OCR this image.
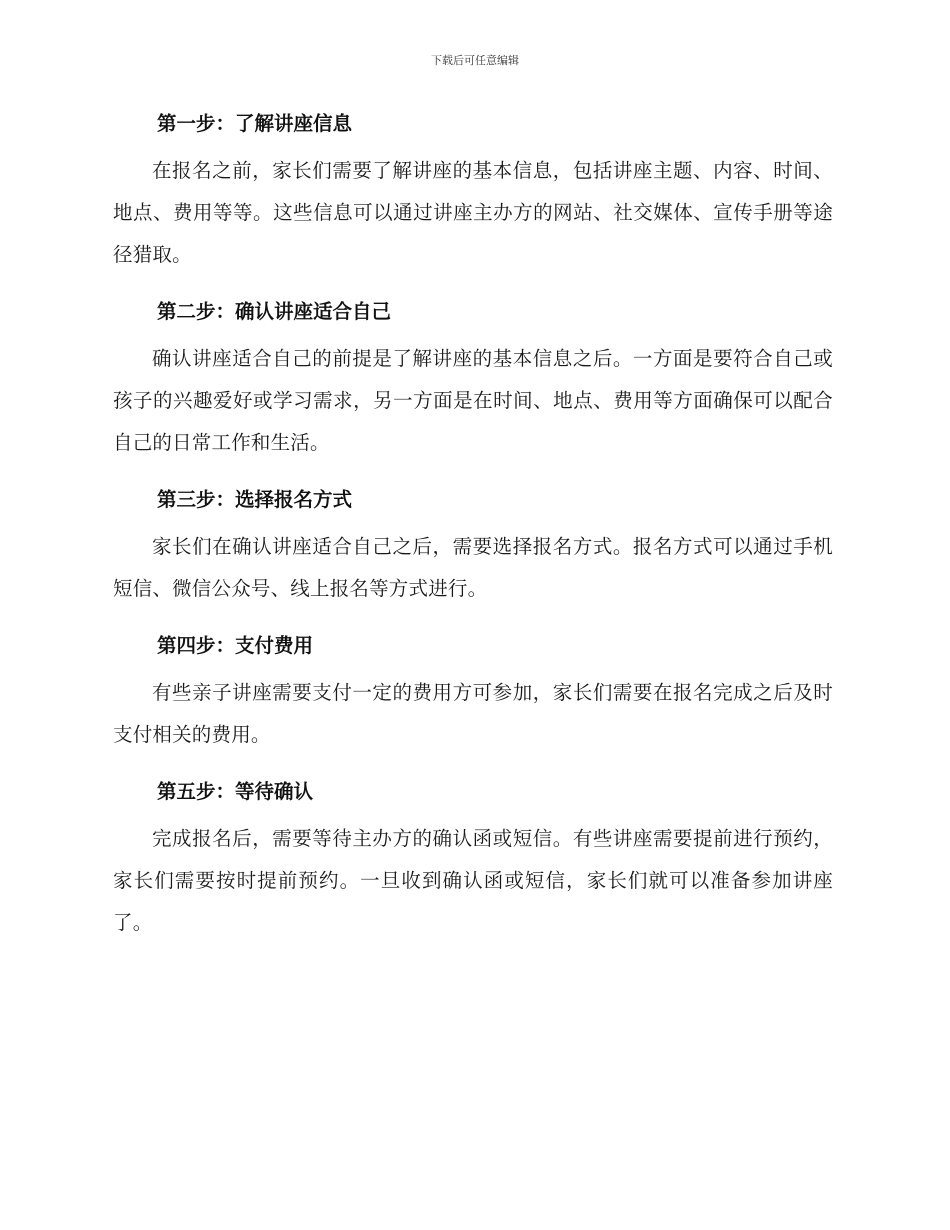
下载后可任意编辑
第一步：了解讲座信息

在报名之前，家长们需要了解讲座的基本信息，包括讲座主题、内容、时间、地点、费用等等。这些信息可以通过讲座主办方的网站、社交媒体、宣传手册等途径猎取。

第二步：确认讲座适合自己

确认讲座适合自己的前提是了解讲座的基本信息之后。一方面是要符合自己或孩子的兴趣爱好或学习需求，另一方面是在时间、地点、费用等方面确保可以配合自己的日常工作和生活。

第三步：选择报名方式

家长们在确认讲座适合自己之后，需要选择报名方式。报名方式可以通过手机短信、微信公众号、线上报名等方式进行。

第四步：支付费用

有些亲子讲座需要支付一定的费用方可参加，家长们需要在报名完成之后及时支付相关的费用。

第五步：等待确认

完成报名后，需要等待主办方的确认函或短信。有些讲座需要提前进行预约，家长们需要按时提前预约。一旦收到确认函或短信，家长们就可以准备参加讲座了。
